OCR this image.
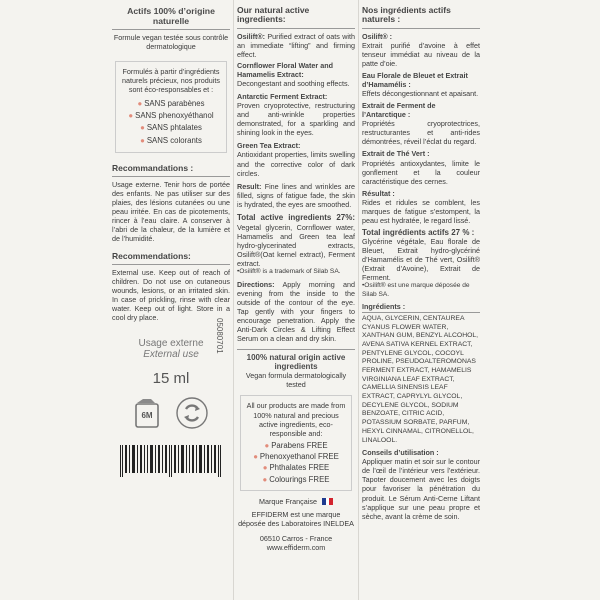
Actifs 100% d’origine naturelle
Formule vegan testée sous contrôle dermatologique
Formulés à partir d’ingrédients naturels précieux, nos produits sont éco-responsables et :
● SANS parabènes
● SANS phenoxyéthanol
● SANS phtalates
● SANS colorants
Recommandations :
Usage externe. Tenir hors de portée des enfants. Ne pas utiliser sur des plaies, des lésions cutanées ou une peau irritée. En cas de picotements, rincer à l’eau claire. A conserver à l’abri de la chaleur, de la lumière et de l’humidité.
Recommendations:
External use. Keep out of reach of children. Do not use on cutaneous wounds, lesions, or an irritated skin. In case of prickling, rinse with clear water. Keep out of light. Store in a cool dry place.
Usage externe
External use
15 ml
6M
05080701
Our natural active ingredients:
Osilift®: Purified extract of oats with an immediate “lifting” and firming effect.
Cornflower Floral Water and Hamamelis Extract:
Decongestant and soothing effects.
Antarctic Ferment Extract:
Proven cryoprotective, restructuring and anti-wrinkle properties demonstrated, for a sparkling and shining look in the eyes.
Green Tea Extract:
Antioxidant properties, limits swelling and the corrective color of dark circles.
Result: Fine lines and wrinkles are filled, signs of fatigue fade, the skin is hydrated, the eyes are smoothed.
Total active ingredients 27%: Vegetal glycerin, Cornflower water, Hamamelis and Green tea leaf hydro-glycerinated extracts, Osilift®(Oat kernel extract), Ferment extract.
•Osilift® is a trademark of Silab SA.
Directions: Apply morning and evening from the inside to the outside of the contour of the eye. Tap gently with your fingers to encourage penetration. Apply the Anti-Dark Circles & Lifting Effect Serum on a clean and dry skin.
100% natural origin active ingredients
Vegan formula dermatologically tested
All our products are made from 100% natural and precious active ingredients, eco-responsible and:
● Parabens FREE
● Phenoxyethanol FREE
● Phthalates FREE
● Colourings FREE
Marque Française
EFFIDERM est une marque déposée des Laboratoires INELDEA
06510 Carros - France
www.effiderm.com
Nos ingrédients actifs naturels :
Osilift® :
Extrait purifié d’avoine à effet tenseur immédiat au niveau de la patte d’oie.
Eau Florale de Bleuet et Extrait d’Hamamélis :
Effets décongestionnant et apaisant.
Extrait de Ferment de l’Antarctique :
Propriétés cryoprotectrices, restructurantes et anti-rides démontrées, réveil l’éclat du regard.
Extrait de Thé Vert :
Propriétés antioxydantes, limite le gonflement et la couleur caractéristique des cernes.
Résultat :
Rides et ridules se comblent, les marques de fatigue s’estompent, la peau est hydratée, le regard lissé.
Total ingrédients actifs 27 % :
Glycérine végétale, Eau florale de Bleuet, Extrait hydro-glycériné d’Hamamélis et de Thé vert, Osilift® (Extrait d’Avoine), Extrait de Ferment.
•Osilift® est une marque déposée de Silab SA.
Ingrédients :
AQUA, GLYCERIN, CENTAUREA CYANUS FLOWER WATER, XANTHAN GUM, BENZYL ALCOHOL, AVENA SATIVA KERNEL EXTRACT, PENTYLENE GLYCOL, COCOYL PROLINE, PSEUDOALTEROMONAS FERMENT EXTRACT, HAMAMELIS VIRGINIANA LEAF EXTRACT, CAMELLIA SINENSIS LEAF EXTRACT, CAPRYLYL GLYCOL, DECYLENE GLYCOL, SODIUM BENZOATE, CITRIC ACID, POTASSIUM SORBATE, PARFUM, HEXYL CINNAMAL, CITRONELLOL, LINALOOL.
Conseils d’utilisation :
Appliquer matin et soir sur le contour de l’œil de l’intérieur vers l’extérieur. Tapoter doucement avec les doigts pour favoriser la pénétration du produit. Le Sérum Anti-Cerne Liftant s’applique sur une peau propre et sèche, avant la crème de soin.
